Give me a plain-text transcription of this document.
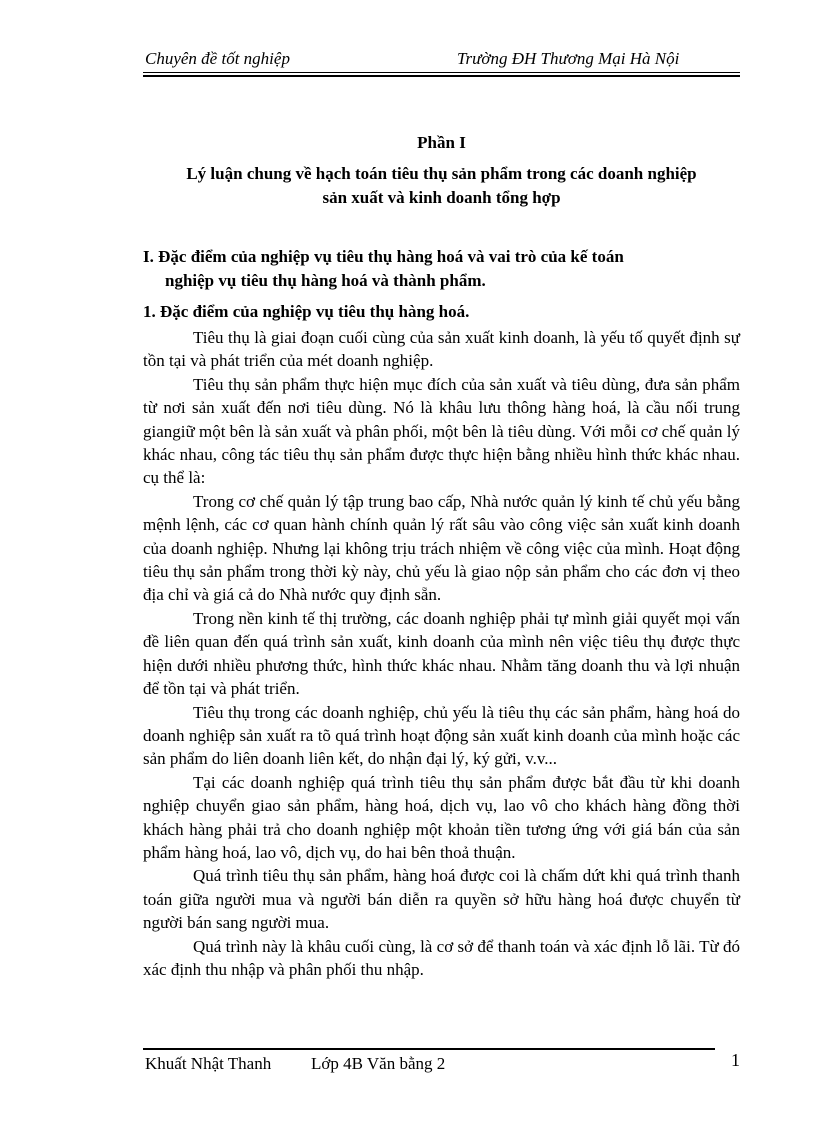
Chuyên đề tốt nghiệp	Trường ĐH Thương Mại Hà Nội
Phần I
Lý luận chung về hạch toán tiêu thụ sản phẩm trong các doanh nghiệp
sản xuất và kinh doanh tổng hợp
I. Đặc điểm của nghiệp vụ tiêu thụ hàng hoá và vai trò của kế toán
nghiệp vụ tiêu thụ hàng hoá và thành phẩm.
1. Đặc điểm của nghiệp vụ tiêu thụ hàng hoá.

Tiêu thụ là giai đoạn cuối cùng của sản xuất kinh doanh, là yếu tố quyết định sự tồn tại và phát triển của mét doanh nghiệp.

Tiêu thụ sản phẩm thực hiện mục đích của sản xuất và tiêu dùng, đưa sản phẩm từ nơi sản xuất đến nơi tiêu dùng. Nó là khâu lưu thông hàng hoá, là cầu nối trung giangiữ một bên là sản xuất và phân phối, một bên là tiêu dùng. Với mỗi cơ chế quản lý khác nhau, công tác tiêu thụ sản phẩm được thực hiện bằng nhiều hình thức khác nhau. cụ thể là:

Trong cơ chế quản lý tập trung bao cấp, Nhà nước quản lý kinh tế chủ yếu bằng mệnh lệnh, các cơ quan hành chính quản lý rất sâu vào công việc sản xuất kinh doanh của doanh nghiệp. Nhưng lại không trịu trách nhiệm về công việc của mình. Hoạt động tiêu thụ sản phẩm trong thời kỳ này, chủ yếu là giao nộp sản phẩm cho các đơn vị theo địa chỉ và giá cả do Nhà nước quy định sẵn.

Trong nền kinh tế thị trường, các doanh nghiệp phải tự mình giải quyết mọi vấn đề liên quan đến quá trình sản xuất, kinh doanh của mình nên việc tiêu thụ được thực hiện dưới nhiều phương thức, hình thức khác nhau. Nhằm tăng doanh thu và lợi nhuận để tồn tại và phát triển.

Tiêu thụ trong các doanh nghiệp, chủ yếu là tiêu thụ các sản phẩm, hàng hoá do doanh nghiệp sản xuất ra tõ quá trình hoạt động sản xuất kinh doanh của mình hoặc các sản phẩm do liên doanh liên kết, do nhận đại lý, ký gửi, v.v...

Tại các doanh nghiệp quá trình tiêu thụ sản phẩm được bắt đầu từ khi doanh nghiệp chuyển giao sản phẩm, hàng hoá, dịch vụ, lao vô cho khách hàng đồng thời khách hàng phải trả cho doanh nghiệp một khoản tiền tương ứng với giá bán của sản phẩm hàng hoá, lao vô, dịch vụ, do hai bên thoả thuận.

Quá trình tiêu thụ sản phẩm, hàng hoá được coi là chấm dứt khi quá trình thanh toán giữa người mua và người bán diễn ra quyền sở hữu hàng hoá được chuyển từ người bán sang người mua.

Quá trình này là khâu cuối cùng, là cơ sở để thanh toán và xác định lỗ lãi. Từ đó xác định thu nhập và phân phối thu nhập.

Khuất Nhật Thanh Lớp 4B Văn bằng 2	1
